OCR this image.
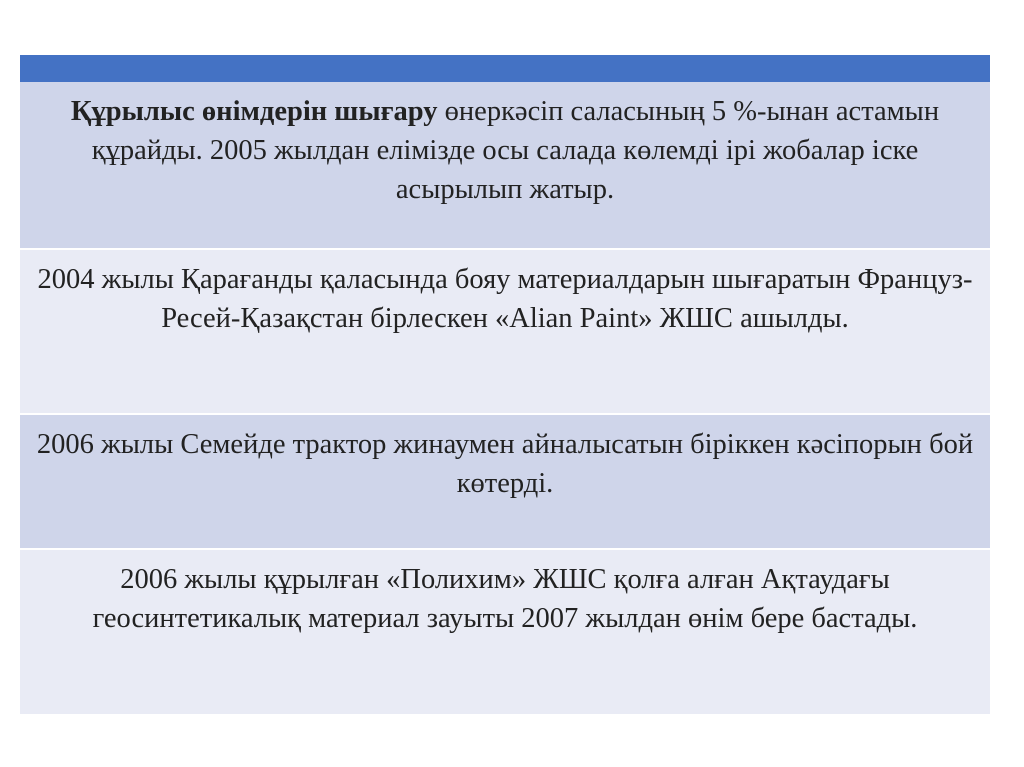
Құрылыс өнімдерін шығару өнеркәсіп саласының 5 %-ынан астамын құрайды. 2005 жылдан елімізде осы салада көлемді ірі жобалар іске асырылып жатыр.
2004 жылы Қарағанды қаласында бояу материалдарын шығаратын Француз- Ресей-Қазақстан бірлескен «Alian Paint» ЖШС ашылды.
2006 жылы Семейде трактор жинаумен айналысатын біріккен кәсіпорын бой көтерді.
2006 жылы құрылған «Полихим» ЖШС қолға алған Ақтаудағы геосинтетикалық материал зауыты 2007 жылдан өнім бере бастады.
